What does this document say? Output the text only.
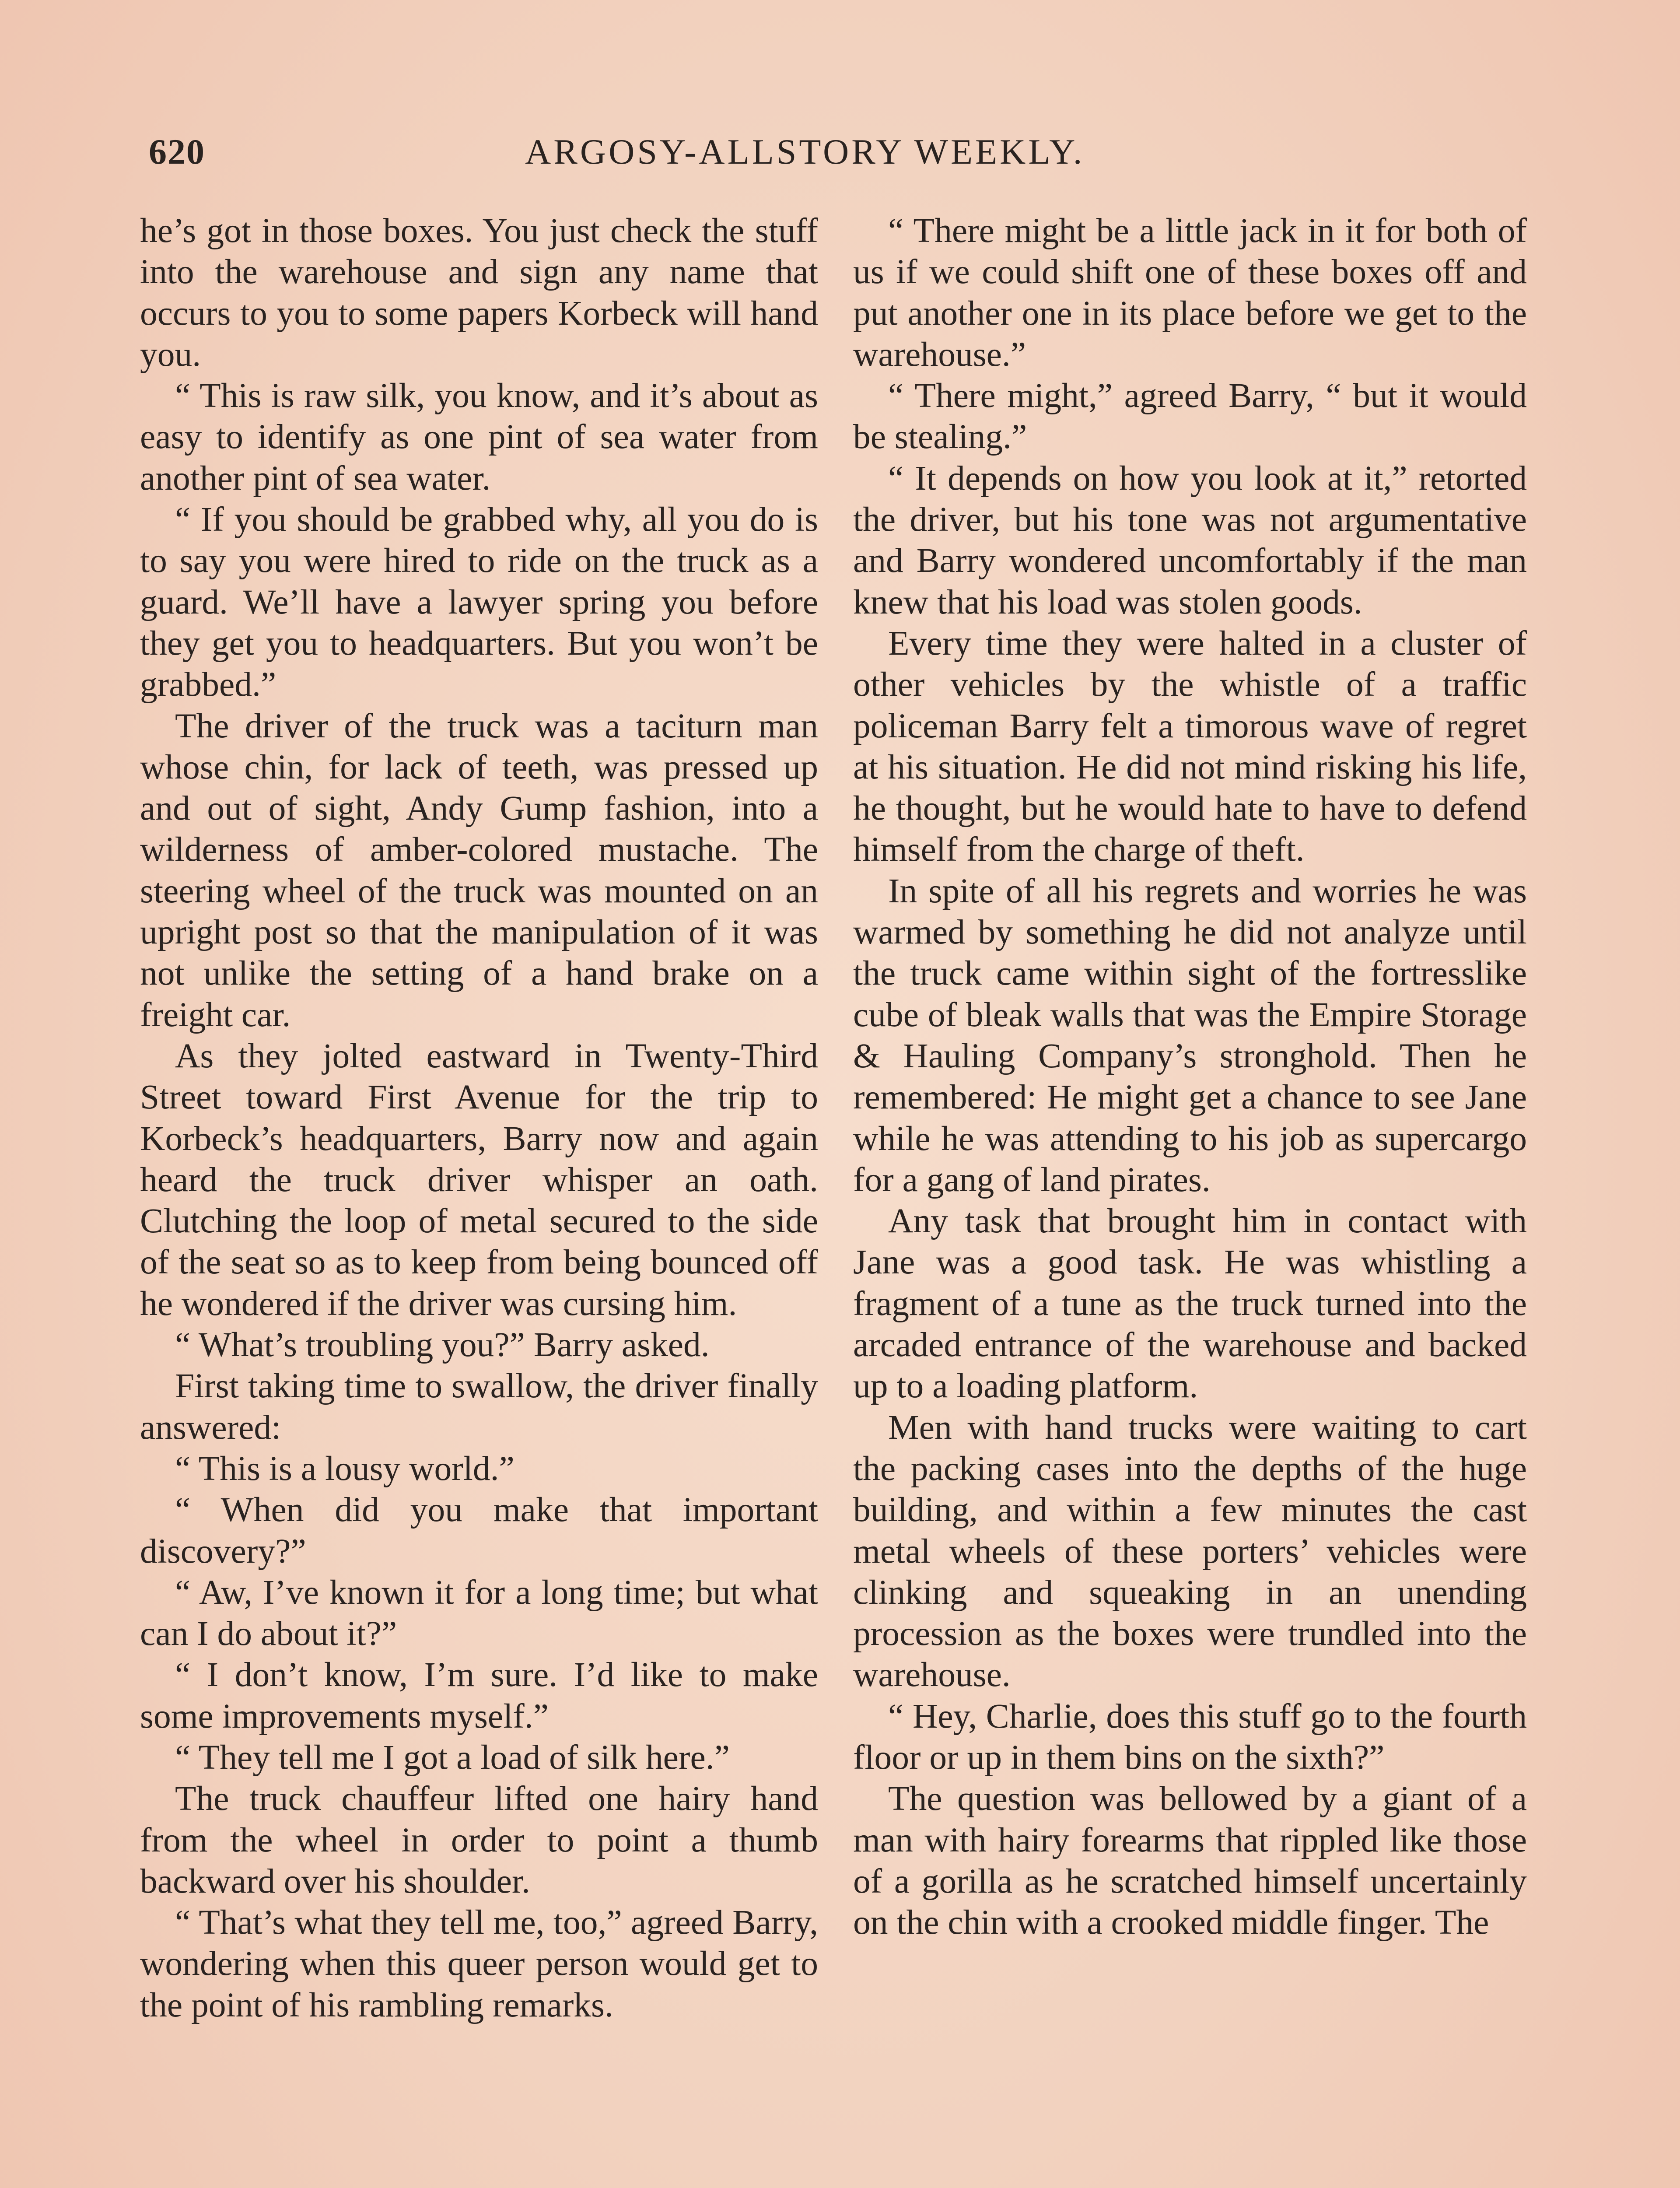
620	ARGOSY-ALLSTORY WEEKLY.

he’s got in those boxes. You just check the stuff into the warehouse and sign any name that occurs to you to some papers Korbeck will hand you.

“ This is raw silk, you know, and it’s about as easy to identify as one pint of sea water from another pint of sea water.

“ If you should be grabbed why, all you do is to say you were hired to ride on the truck as a guard. We’ll have a lawyer spring you before they get you to headquarters. But you won’t be grabbed.”

The driver of the truck was a taciturn man whose chin, for lack of teeth, was pressed up and out of sight, Andy Gump fashion, into a wilderness of amber-colored mustache. The steering wheel of the truck was mounted on an upright post so that the manipulation of it was not unlike the setting of a hand brake on a freight car.

As they jolted eastward in Twenty-Third Street toward First Avenue for the trip to Korbeck’s headquarters, Barry now and again heard the truck driver whisper an oath. Clutching the loop of metal secured to the side of the seat so as to keep from being bounced off he wondered if the driver was cursing him.

“ What’s troubling you?” Barry asked.

First taking time to swallow, the driver finally answered:

“ This is a lousy world.”

“ When did you make that important discovery?”

“ Aw, I’ve known it for a long time; but what can I do about it?”

“ I don’t know, I’m sure. I’d like to make some improvements myself.”

“ They tell me I got a load of silk here.”

The truck chauffeur lifted one hairy hand from the wheel in order to point a thumb backward over his shoulder.

“ That’s what they tell me, too,” agreed Barry, wondering when this queer person would get to the point of his rambling remarks.

“ There might be a little jack in it for both of us if we could shift one of these boxes off and put another one in its place before we get to the warehouse.”

“ There might,” agreed Barry, “ but it would be stealing.”

“ It depends on how you look at it,” retorted the driver, but his tone was not argumentative and Barry wondered uncomfortably if the man knew that his load was stolen goods.

Every time they were halted in a cluster of other vehicles by the whistle of a traffic policeman Barry felt a timorous wave of regret at his situation. He did not mind risking his life, he thought, but he would hate to have to defend himself from the charge of theft.

In spite of all his regrets and worries he was warmed by something he did not analyze until the truck came within sight of the fortresslike cube of bleak walls that was the Empire Storage & Hauling Company’s stronghold. Then he remembered: He might get a chance to see Jane while he was attending to his job as supercargo for a gang of land pirates.

Any task that brought him in contact with Jane was a good task. He was whistling a fragment of a tune as the truck turned into the arcaded entrance of the warehouse and backed up to a loading platform.

Men with hand trucks were waiting to cart the packing cases into the depths of the huge building, and within a few minutes the cast metal wheels of these porters’ vehicles were clinking and squeaking in an unending procession as the boxes were trundled into the warehouse.

“ Hey, Charlie, does this stuff go to the fourth floor or up in them bins on the sixth?”

The question was bellowed by a giant of a man with hairy forearms that rippled like those of a gorilla as he scratched himself uncertainly on the chin with a crooked middle finger. The
